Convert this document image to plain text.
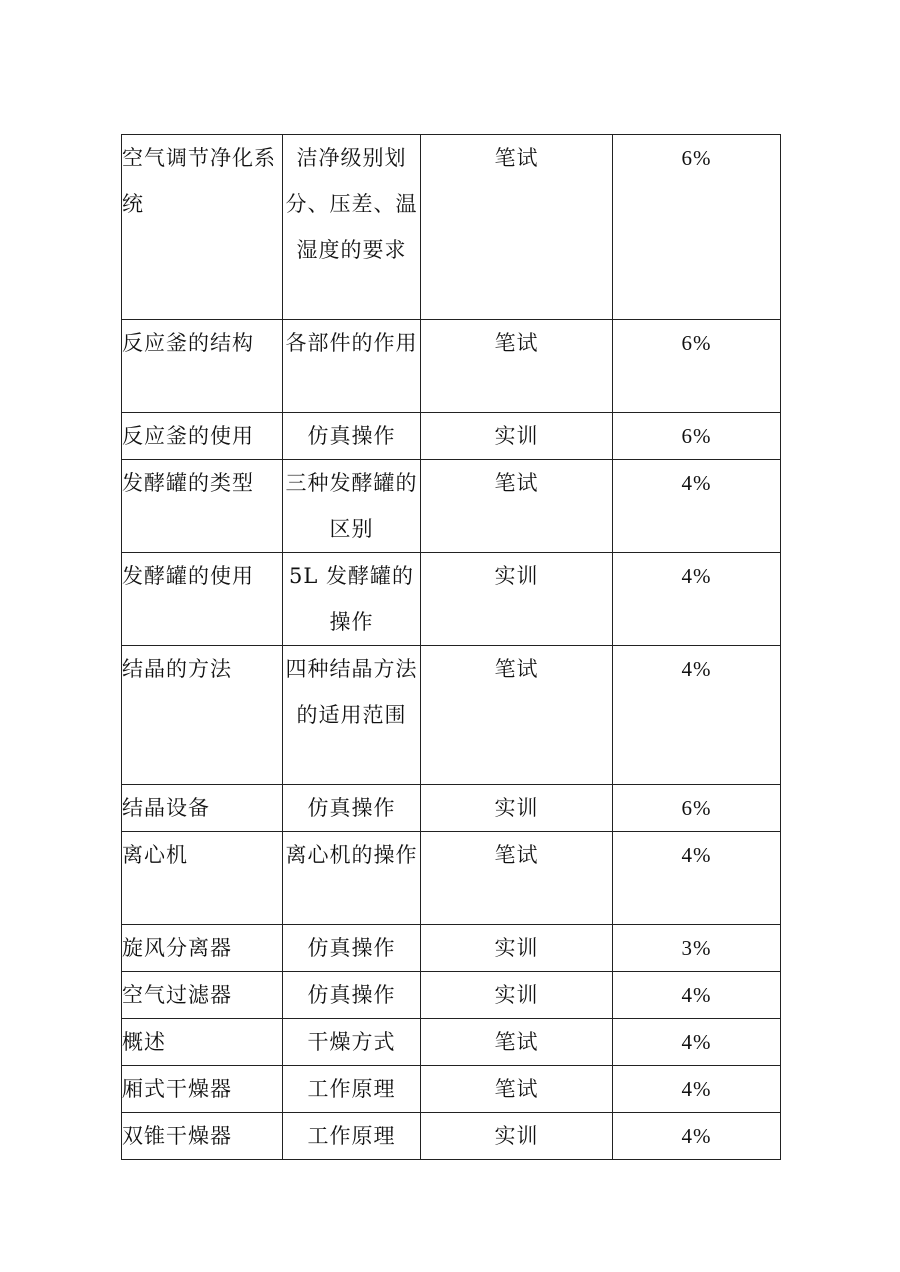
空气调节净化系统	洁净级别划分、压差、温湿度的要求	笔试	6%
反应釜的结构	各部件的作用	笔试	6%
反应釜的使用	仿真操作	实训	6%
发酵罐的类型	三种发酵罐的区别	笔试	4%
发酵罐的使用	5L 发酵罐的操作	实训	4%
结晶的方法	四种结晶方法的适用范围	笔试	4%
结晶设备	仿真操作	实训	6%
离心机	离心机的操作	笔试	4%
旋风分离器	仿真操作	实训	3%
空气过滤器	仿真操作	实训	4%
概述	干燥方式	笔试	4%
厢式干燥器	工作原理	笔试	4%
双锥干燥器	工作原理	实训	4%
